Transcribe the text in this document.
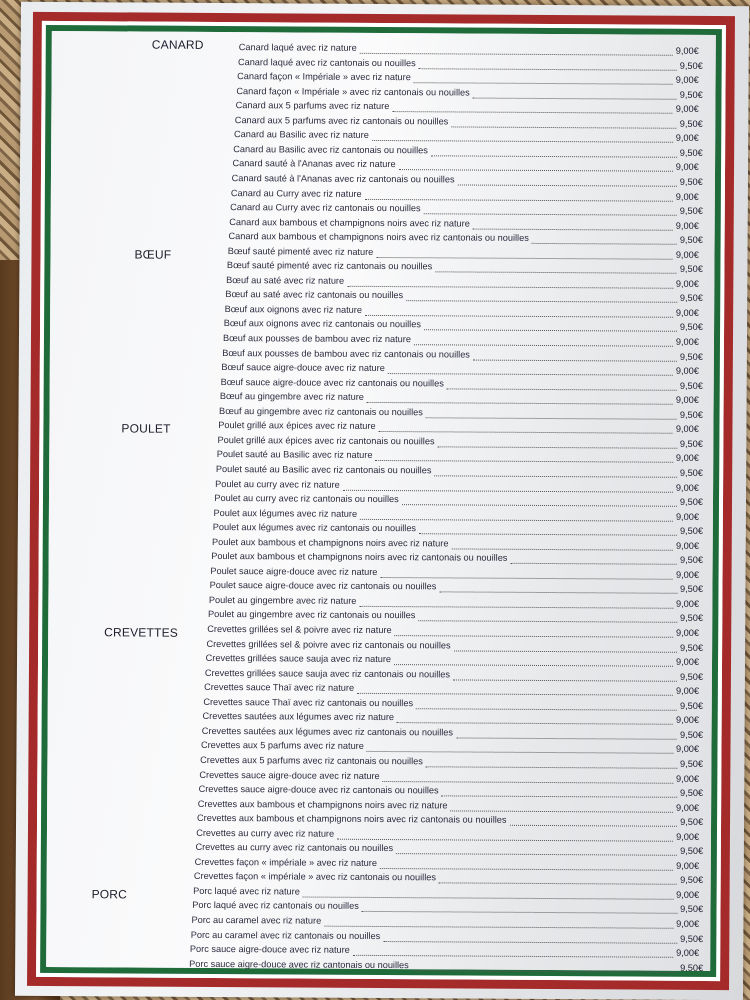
CANARD	Canard laqué avec riz nature	9,00€
Canard laqué avec riz cantonais ou nouilles	9,50€
Canard façon « Impériale » avec riz nature	9,00€
Canard façon « Impériale » avec riz cantonais ou nouilles	9,50€
Canard aux 5 parfums avec riz nature	9,00€
Canard aux 5 parfums avec riz cantonais ou nouilles	9,50€
Canard au Basilic avec riz nature	9,00€
Canard au Basilic avec riz cantonais ou nouilles	9,50€
Canard sauté à l'Ananas avec riz nature	9,00€
Canard sauté à l'Ananas avec riz cantonais ou nouilles	9,50€
Canard au Curry avec riz nature	9,00€
Canard au Curry avec riz cantonais ou nouilles	9,50€
Canard aux bambous et champignons noirs avec riz nature	9,00€
Canard aux bambous et champignons noirs avec riz cantonais ou nouilles	9,50€
BŒUF	Bœuf sauté pimenté avec riz nature	9,00€
Bœuf sauté pimenté avec riz cantonais ou nouilles	9,50€
Bœuf au saté avec riz nature	9,00€
Bœuf au saté avec riz cantonais ou nouilles	9,50€
Bœuf aux oignons avec riz nature	9,00€
Bœuf aux oignons avec riz cantonais ou nouilles	9,50€
Bœuf aux pousses de bambou avec riz nature	9,00€
Bœuf aux pousses de bambou avec riz cantonais ou nouilles	9,50€
Bœuf sauce aigre-douce avec riz nature	9,00€
Bœuf sauce aigre-douce avec riz cantonais ou nouilles	9,50€
Bœuf au gingembre avec riz nature	9,00€
Bœuf au gingembre avec riz cantonais ou nouilles	9,50€
POULET	Poulet grillé aux épices avec riz nature	9,00€
Poulet grillé aux épices avec riz cantonais ou nouilles	9,50€
Poulet sauté au Basilic avec riz nature	9,00€
Poulet sauté au Basilic avec riz cantonais ou nouilles	9,50€
Poulet au curry avec riz nature	9,00€
Poulet au curry avec riz cantonais ou nouilles	9,50€
Poulet aux légumes avec riz nature	9,00€
Poulet aux légumes avec riz cantonais ou nouilles	9,50€
Poulet aux bambous et champignons noirs avec riz nature	9,00€
Poulet aux bambous et champignons noirs avec riz cantonais ou nouilles	9,50€
Poulet sauce aigre-douce avec riz nature	9,00€
Poulet sauce aigre-douce avec riz cantonais ou nouilles	9,50€
Poulet au gingembre avec riz nature	9,00€
Poulet au gingembre avec riz cantonais ou nouilles	9,50€
CREVETTES	Crevettes grillées sel & poivre avec riz nature	9,00€
Crevettes grillées sel & poivre avec riz cantonais ou nouilles	9,50€
Crevettes grillées sauce sauja avec riz nature	9,00€
Crevettes grillées sauce sauja avec riz cantonais ou nouilles	9,50€
Crevettes sauce Thaï avec riz nature	9,00€
Crevettes sauce Thaï avec riz cantonais ou nouilles	9,50€
Crevettes sautées aux légumes avec riz nature	9,00€
Crevettes sautées aux légumes avec riz cantonais ou nouilles	9,50€
Crevettes aux 5 parfums avec riz nature	9,00€
Crevettes aux 5 parfums avec riz cantonais ou nouilles	9,50€
Crevettes sauce aigre-douce avec riz nature	9,00€
Crevettes sauce aigre-douce avec riz cantonais ou nouilles	9,50€
Crevettes aux bambous et champignons noirs avec riz nature	9,00€
Crevettes aux bambous et champignons noirs avec riz cantonais ou nouilles	9,50€
Crevettes au curry avec riz nature	9,00€
Crevettes au curry avec riz cantonais ou nouilles	9,50€
Crevettes façon « impériale » avec riz nature	9,00€
Crevettes façon « impériale » avec riz cantonais ou nouilles	9,50€
PORC	Porc laqué avec riz nature	9,00€
Porc laqué avec riz cantonais ou nouilles	9,50€
Porc au caramel avec riz nature	9,00€
Porc au caramel avec riz cantonais ou nouilles	9,50€
Porc sauce aigre-douce avec riz nature	9,00€
Porc sauce aigre-douce avec riz cantonais ou nouilles	9,50€
